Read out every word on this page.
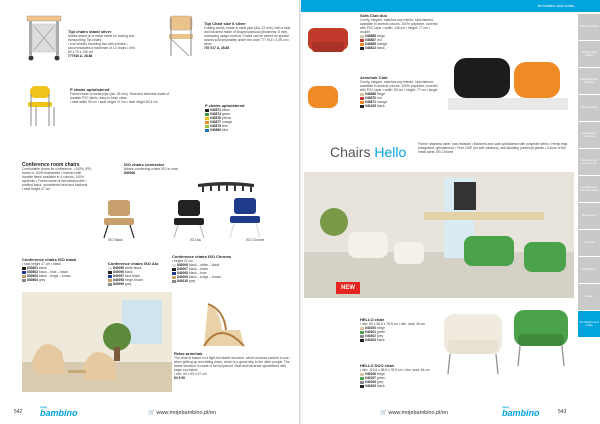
Tipi chairs stand silver
Mobile stand on a metal frame for storing and transporting Tipi chairs.
• four wheels including two with a brake • accommodates a maximum of 12 chairs • dim. 60 x 70 x 130 cm
777916 A, 28,68
Tipi Chair size 6 silver
Folding chairs, made of steel pipe (dia. 22 mm), with a seat and backrest made of shaped plywood (thickness: 8 mm) increasing usage comfort. Chairs can be stored on special stands sold separately under the code 777 916 • 3-95 cm • silver
767 917 A, 28,68
P chairs upholstered
Frame made of metal pipe (dia. 25 mm). Seat and backrest made of durable PVC fabric, easy to keep clean.
• seat width 39 cm • seat height 47 cm • total height 83,5 cm
P chairs upholstered
040871 black
040874 green
040876 yellow
040877 orange
040879 lime
040880 blue
Conference room chairs
Comfortable chairs for conference. • 100% (PE) frame or 100% leatherette • finished with durable fabric available in 4 colours, 100% synthetic • Frame made of flat metal profile • profiled black, upholstered seat and backrest
• seat height 47 cm
ISO chairs connector
Allows connecting chairs ISO in rows
840068
ISO Black	ISO Alu	ISO Chrome
Conference chairs ISO black
• seat height 47 cm • black
830801 black
830802 black – blue – black
830803 black – beige – brown
830804 grey
Conference chairs ISO Alu
840095 white-black
840096 black
840097 blue-black
840098 beige-brown
840099 grey
Conference chairs ISO Chrome
• height 47 cm
840006 black – white – black
840007 black – black
840008 black – blue
840009 black – beige – brown
840010 grey
Relax armchair
The chair is based on a light but stable structure, which ensures comfort in use, when getting up and sitting down, which is a great help to the older people. The frame structure is made of bent plywood. Seat and backrest upholstered with beige eco-fabric.
• dim. 64 x 90 x 97 cm
84 9 90
542
moje
bambino	🛒 www.mojebambino.pl/en
Armchairs and sofas
Sofa Club duo
Comfy, elegant, matches any interior. Upholstered, available in several colours. 100% polyester, covered with PVC layer • width: 136 cm • height: 77 cm • double
040888 beige
040887 red
040889 orange
040822 black
Armchair Club
Comfy, elegant, matches any interior. Upholstered, available in several colours. 100% polyester, covered with PVC layer • width: 55 cm • height: 77 cm • single
040868 beige
040870 red
040871 orange
040105 black
Chairs Hello	Frame: stainless steel, rust-resistant • Backrest and seat upholstered with polyester fabric • Hemp legs (integrated, upholstered) • Feet: DAP (for soft surfaces), anti-skidding (external) plastic • Colour of the metal parts: EB Chrome
NEW
HELLO chair
• dim. 60 x 58,5 x 78,5 cm • dim. seat: 46 cm
040200 beige
040201 green
040202 grey
040203 black
HELLO DUO chair
• dim. 116,5 x 58,5 x 78,5 cm • dim. seat: 46 cm
040206 beige
040207 green
040208 grey
040209 black
Office furniture
Tables and desks
Cabinets and shelves
Accessories
Cloakroom furniture
Furniture for rest rooms
Conference room furniture
Bedrooms
Lockers
Wardrobes
Seats
Armchairs and sofas
🛒 www.mojebambino.pl/en
moje
bambino	543
